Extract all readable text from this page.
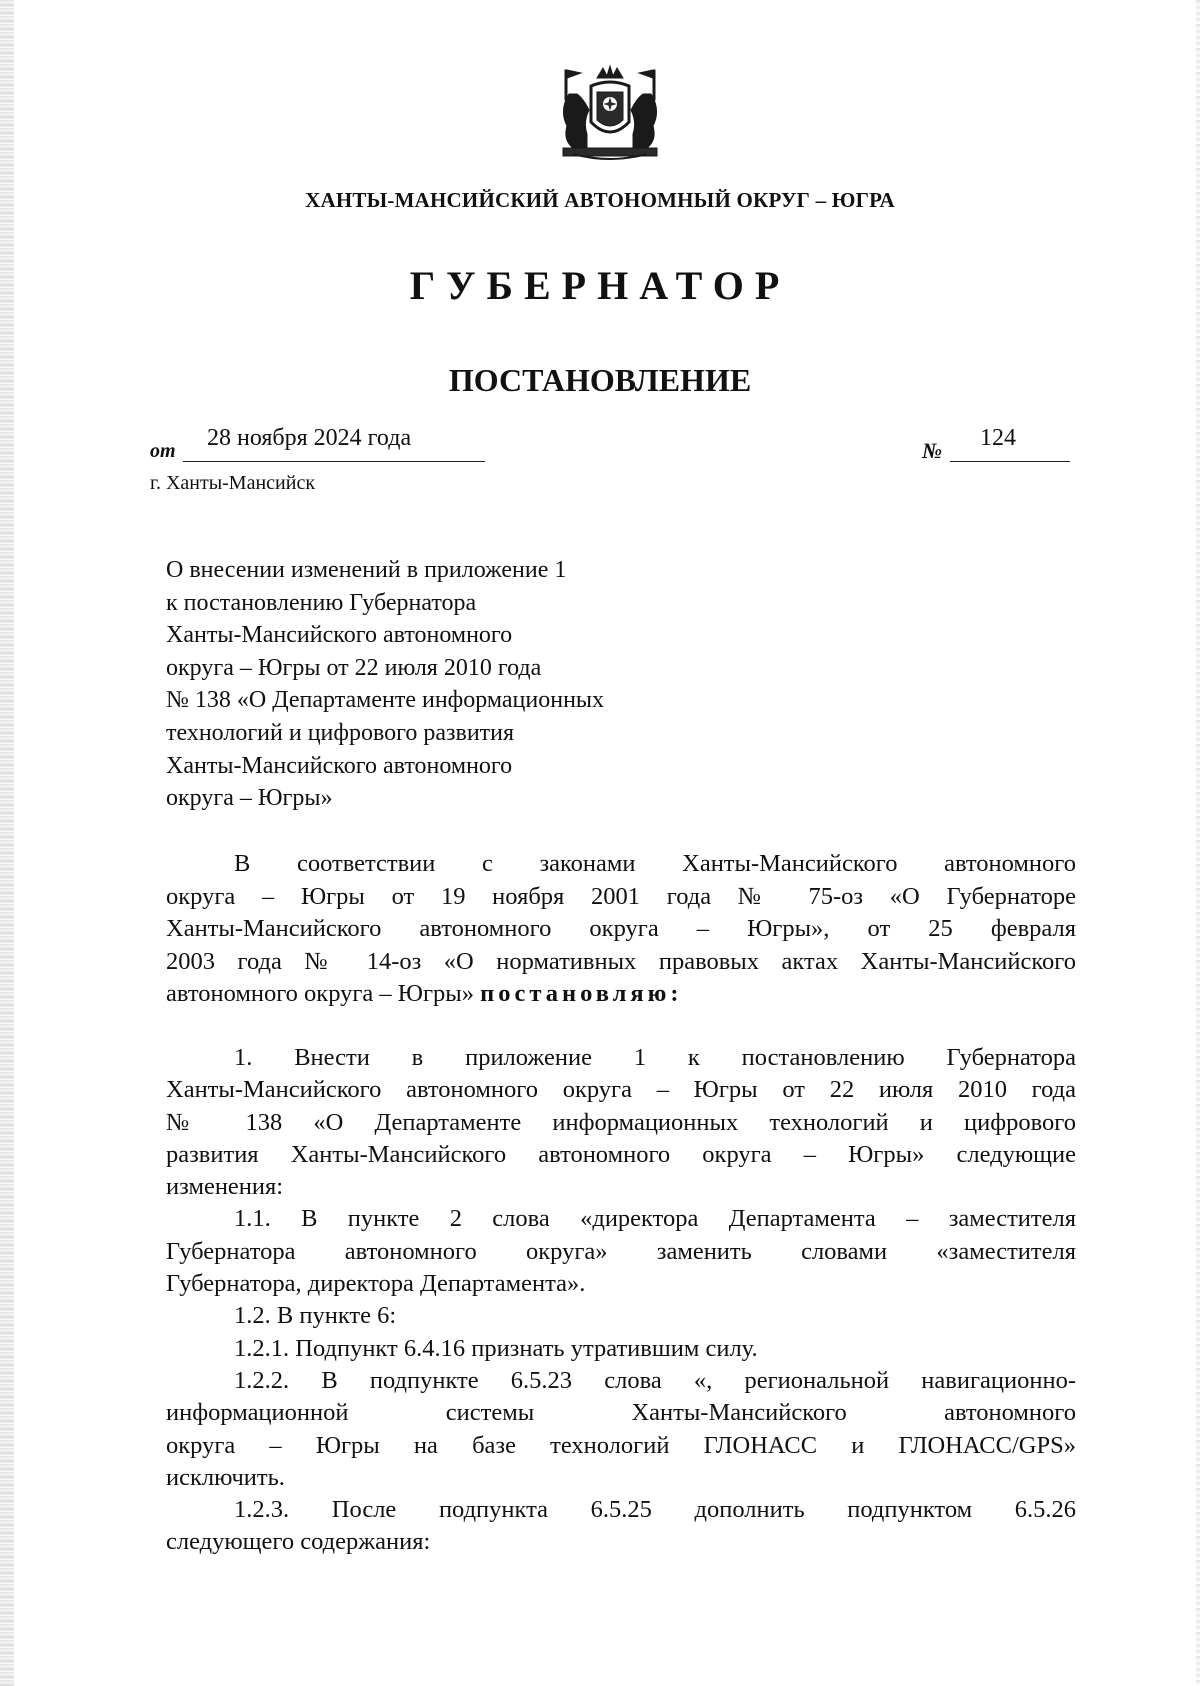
ХАНТЫ-МАНСИЙСКИЙ АВТОНОМНЫЙ ОКРУГ – ЮГРА
ГУБЕРНАТОР
ПОСТАНОВЛЕНИЕ
от 28 ноября 2024 года	№ 124
г. Ханты-Мансийск
О внесении изменений в приложение 1
к постановлению Губернатора
Ханты-Мансийского автономного
округа – Югры от 22 июля 2010 года
№ 138 «О Департаменте информационных
технологий и цифрового развития
Ханты-Мансийского автономного
округа – Югры»
В соответствии с законами Ханты-Мансийского автономного
округа – Югры от 19 ноября 2001 года № 75-оз «О Губернаторе
Ханты-Мансийского автономного округа – Югры», от 25 февраля
2003 года № 14-оз «О нормативных правовых актах Ханты-Мансийского
автономного округа – Югры» постановляю:
1. Внести в приложение 1 к постановлению Губернатора
Ханты-Мансийского автономного округа – Югры от 22 июля 2010 года
№ 138 «О Департаменте информационных технологий и цифрового
развития Ханты-Мансийского автономного округа – Югры» следующие
изменения:
1.1. В пункте 2 слова «директора Департамента – заместителя
Губернатора автономного округа» заменить словами «заместителя
Губернатора, директора Департамента».
1.2. В пункте 6:
1.2.1. Подпункт 6.4.16 признать утратившим силу.
1.2.2. В подпункте 6.5.23 слова «, региональной навигационно-
информационной системы Ханты-Мансийского автономного
округа – Югры на базе технологий ГЛОНАСС и ГЛОНАСС/GPS»
исключить.
1.2.3. После подпункта 6.5.25 дополнить подпунктом 6.5.26
следующего содержания:
